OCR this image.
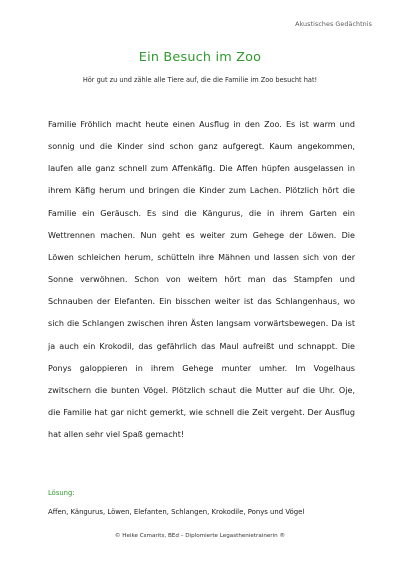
Akustisches Gedächtnis
Ein Besuch im Zoo
Hör gut zu und zähle alle Tiere auf, die die Familie im Zoo besucht hat!

Familie Fröhlich macht heute einen Ausflug in den Zoo. Es ist warm und sonnig und die Kinder sind schon ganz aufgeregt. Kaum angekommen, laufen alle ganz schnell zum Affenkäfig. Die Affen hüpfen ausgelassen in ihrem Käfig herum und bringen die Kinder zum Lachen. Plötzlich hört die Familie ein Geräusch. Es sind die Kängurus, die in ihrem Garten ein Wettrennen machen. Nun geht es weiter zum Gehege der Löwen. Die Löwen schleichen herum, schütteln ihre Mähnen und lassen sich von der Sonne verwöhnen. Schon von weitem hört man das Stampfen und Schnauben der Elefanten. Ein bisschen weiter ist das Schlangenhaus, wo sich die Schlangen zwischen ihren Ästen langsam vorwärtsbewegen. Da ist ja auch ein Krokodil, das gefährlich das Maul aufreißt und schnappt. Die Ponys galoppieren in ihrem Gehege munter umher. Im Vogelhaus zwitschern die bunten Vögel. Plötzlich schaut die Mutter auf die Uhr. Oje, die Familie hat gar nicht gemerkt, wie schnell die Zeit vergeht. Der Ausflug hat allen sehr viel Spaß gemacht!

Lösung:
Affen, Kängurus, Löwen, Elefanten, Schlangen, Krokodile, Ponys und Vögel
© Heike Csmarits, BEd – Diplomierte Legasthenietrainerin ®
